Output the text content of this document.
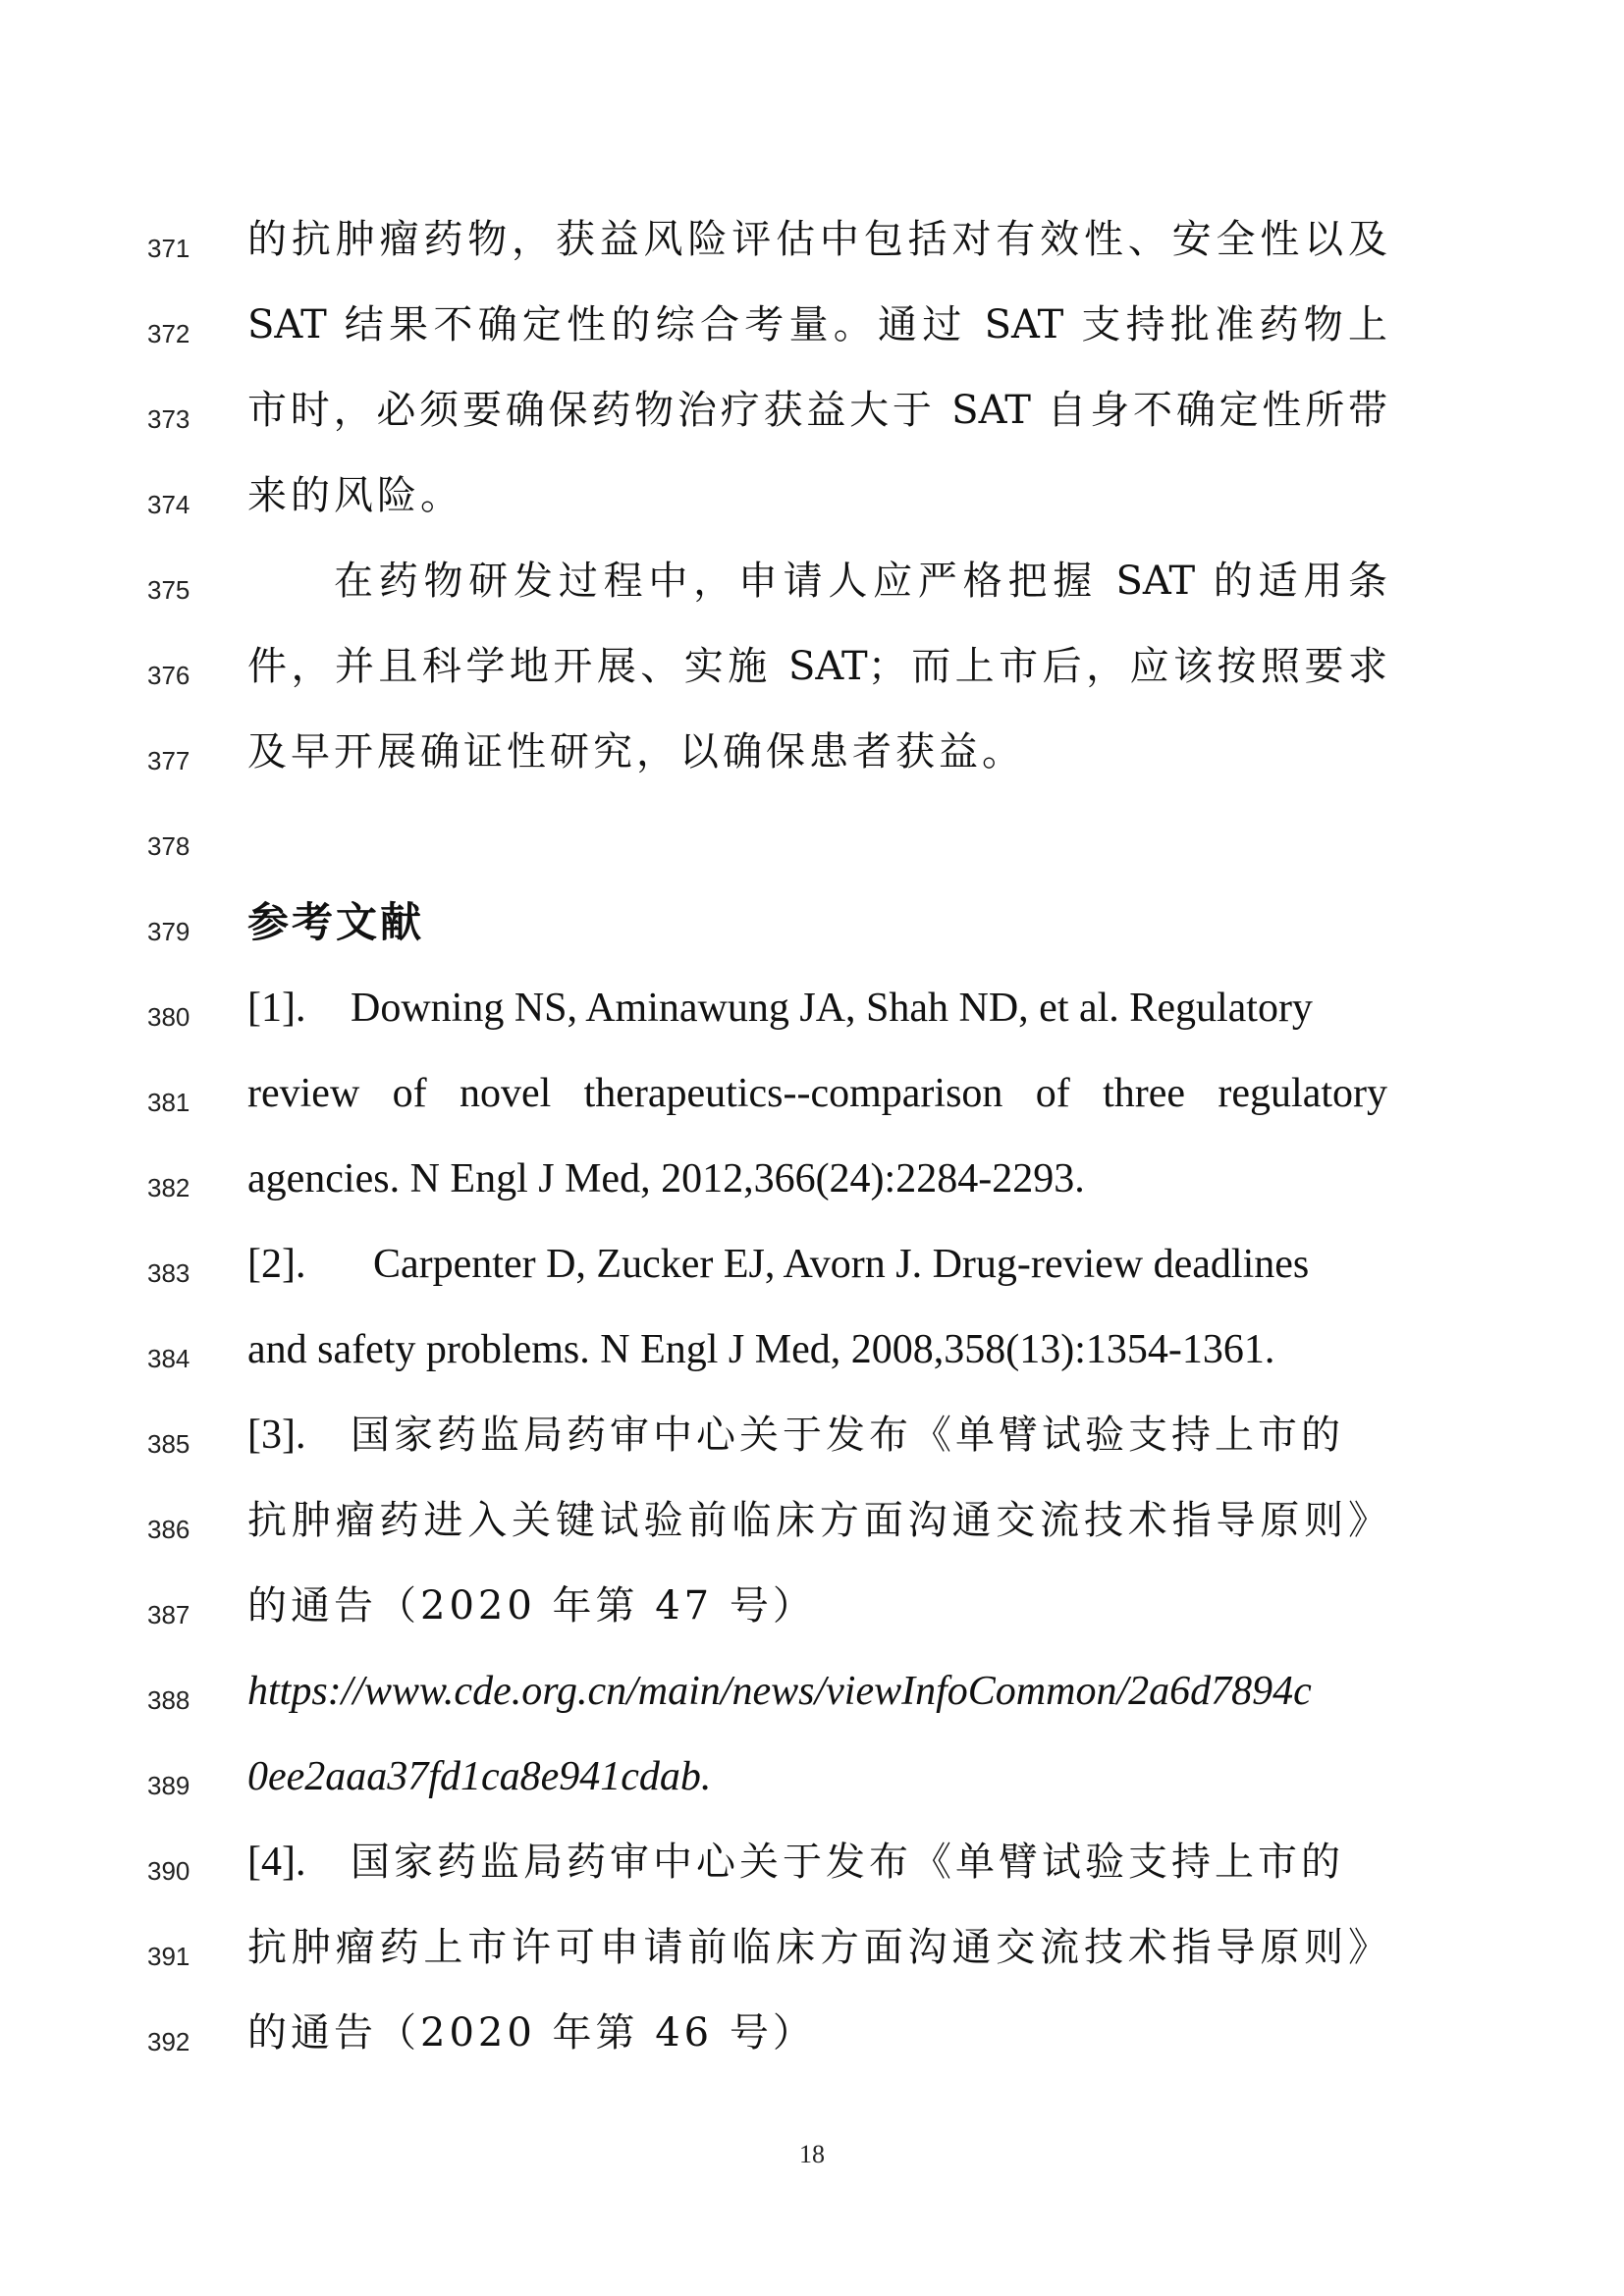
371	的抗肿瘤药物，获益风险评估中包括对有效性、安全性以及
372	SAT 结果不确定性的综合考量。通过 SAT 支持批准药物上
373	市时，必须要确保药物治疗获益大于 SAT 自身不确定性所带
374	来的风险。
375	在药物研发过程中，申请人应严格把握 SAT 的适用条
376	件，并且科学地开展、实施 SAT；而上市后，应该按照要求
377	及早开展确证性研究，以确保患者获益。
378
379	参考文献
380	[1]. Downing NS, Aminawung JA, Shah ND, et al. Regulatory
381	review of novel therapeutics--comparison of three regulatory
382	agencies. N Engl J Med, 2012,366(24):2284-2293.
383	[2]. Carpenter D, Zucker EJ, Avorn J. Drug-review deadlines
384	and safety problems. N Engl J Med, 2008,358(13):1354-1361.
385	[3]. 国家药监局药审中心关于发布《单臂试验支持上市的
386	抗肿瘤药进入关键试验前临床方面沟通交流技术指导原则》
387	的通告（2020 年第 47 号）
388	https://www.cde.org.cn/main/news/viewInfoCommon/2a6d7894c
389	0ee2aaa37fd1ca8e941cdab.
390	[4]. 国家药监局药审中心关于发布《单臂试验支持上市的
391	抗肿瘤药上市许可申请前临床方面沟通交流技术指导原则》
392	的通告（2020 年第 46 号）
18
